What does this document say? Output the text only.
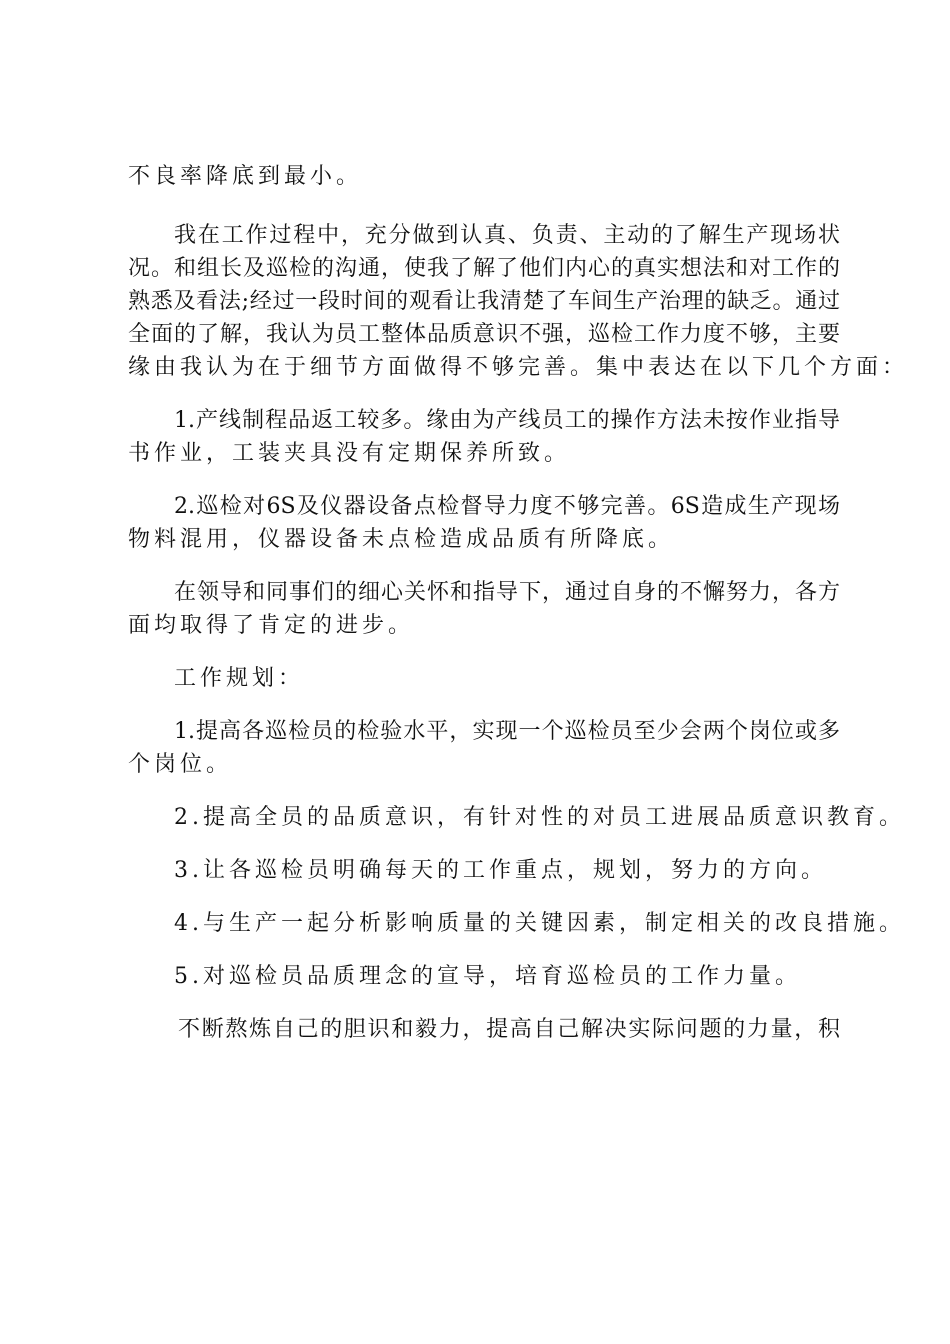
不良率降底到最小。
我在工作过程中，充分做到认真、负责、主动的了解生产现场状
况。和组长及巡检的沟通，使我了解了他们内心的真实想法和对工作的
熟悉及看法;经过一段时间的观看让我清楚了车间生产治理的缺乏。通过
全面的了解，我认为员工整体品质意识不强，巡检工作力度不够，主要
缘由我认为在于细节方面做得不够完善。集中表达在以下几个方面：
1.产线制程品返工较多。缘由为产线员工的操作方法未按作业指导
书作业，工装夹具没有定期保养所致。
2.巡检对6S及仪器设备点检督导力度不够完善。6S造成生产现场
物料混用，仪器设备未点检造成品质有所降底。
在领导和同事们的细心关怀和指导下，通过自身的不懈努力，各方
面均取得了肯定的进步。
工作规划：
1.提高各巡检员的检验水平，实现一个巡检员至少会两个岗位或多
个岗位。
2.提高全员的品质意识，有针对性的对员工进展品质意识教育。
3.让各巡检员明确每天的工作重点，规划，努力的方向。
4.与生产一起分析影响质量的关键因素，制定相关的改良措施。
5.对巡检员品质理念的宣导，培育巡检员的工作力量。
不断熬炼自己的胆识和毅力，提高自己解决实际问题的力量，积
